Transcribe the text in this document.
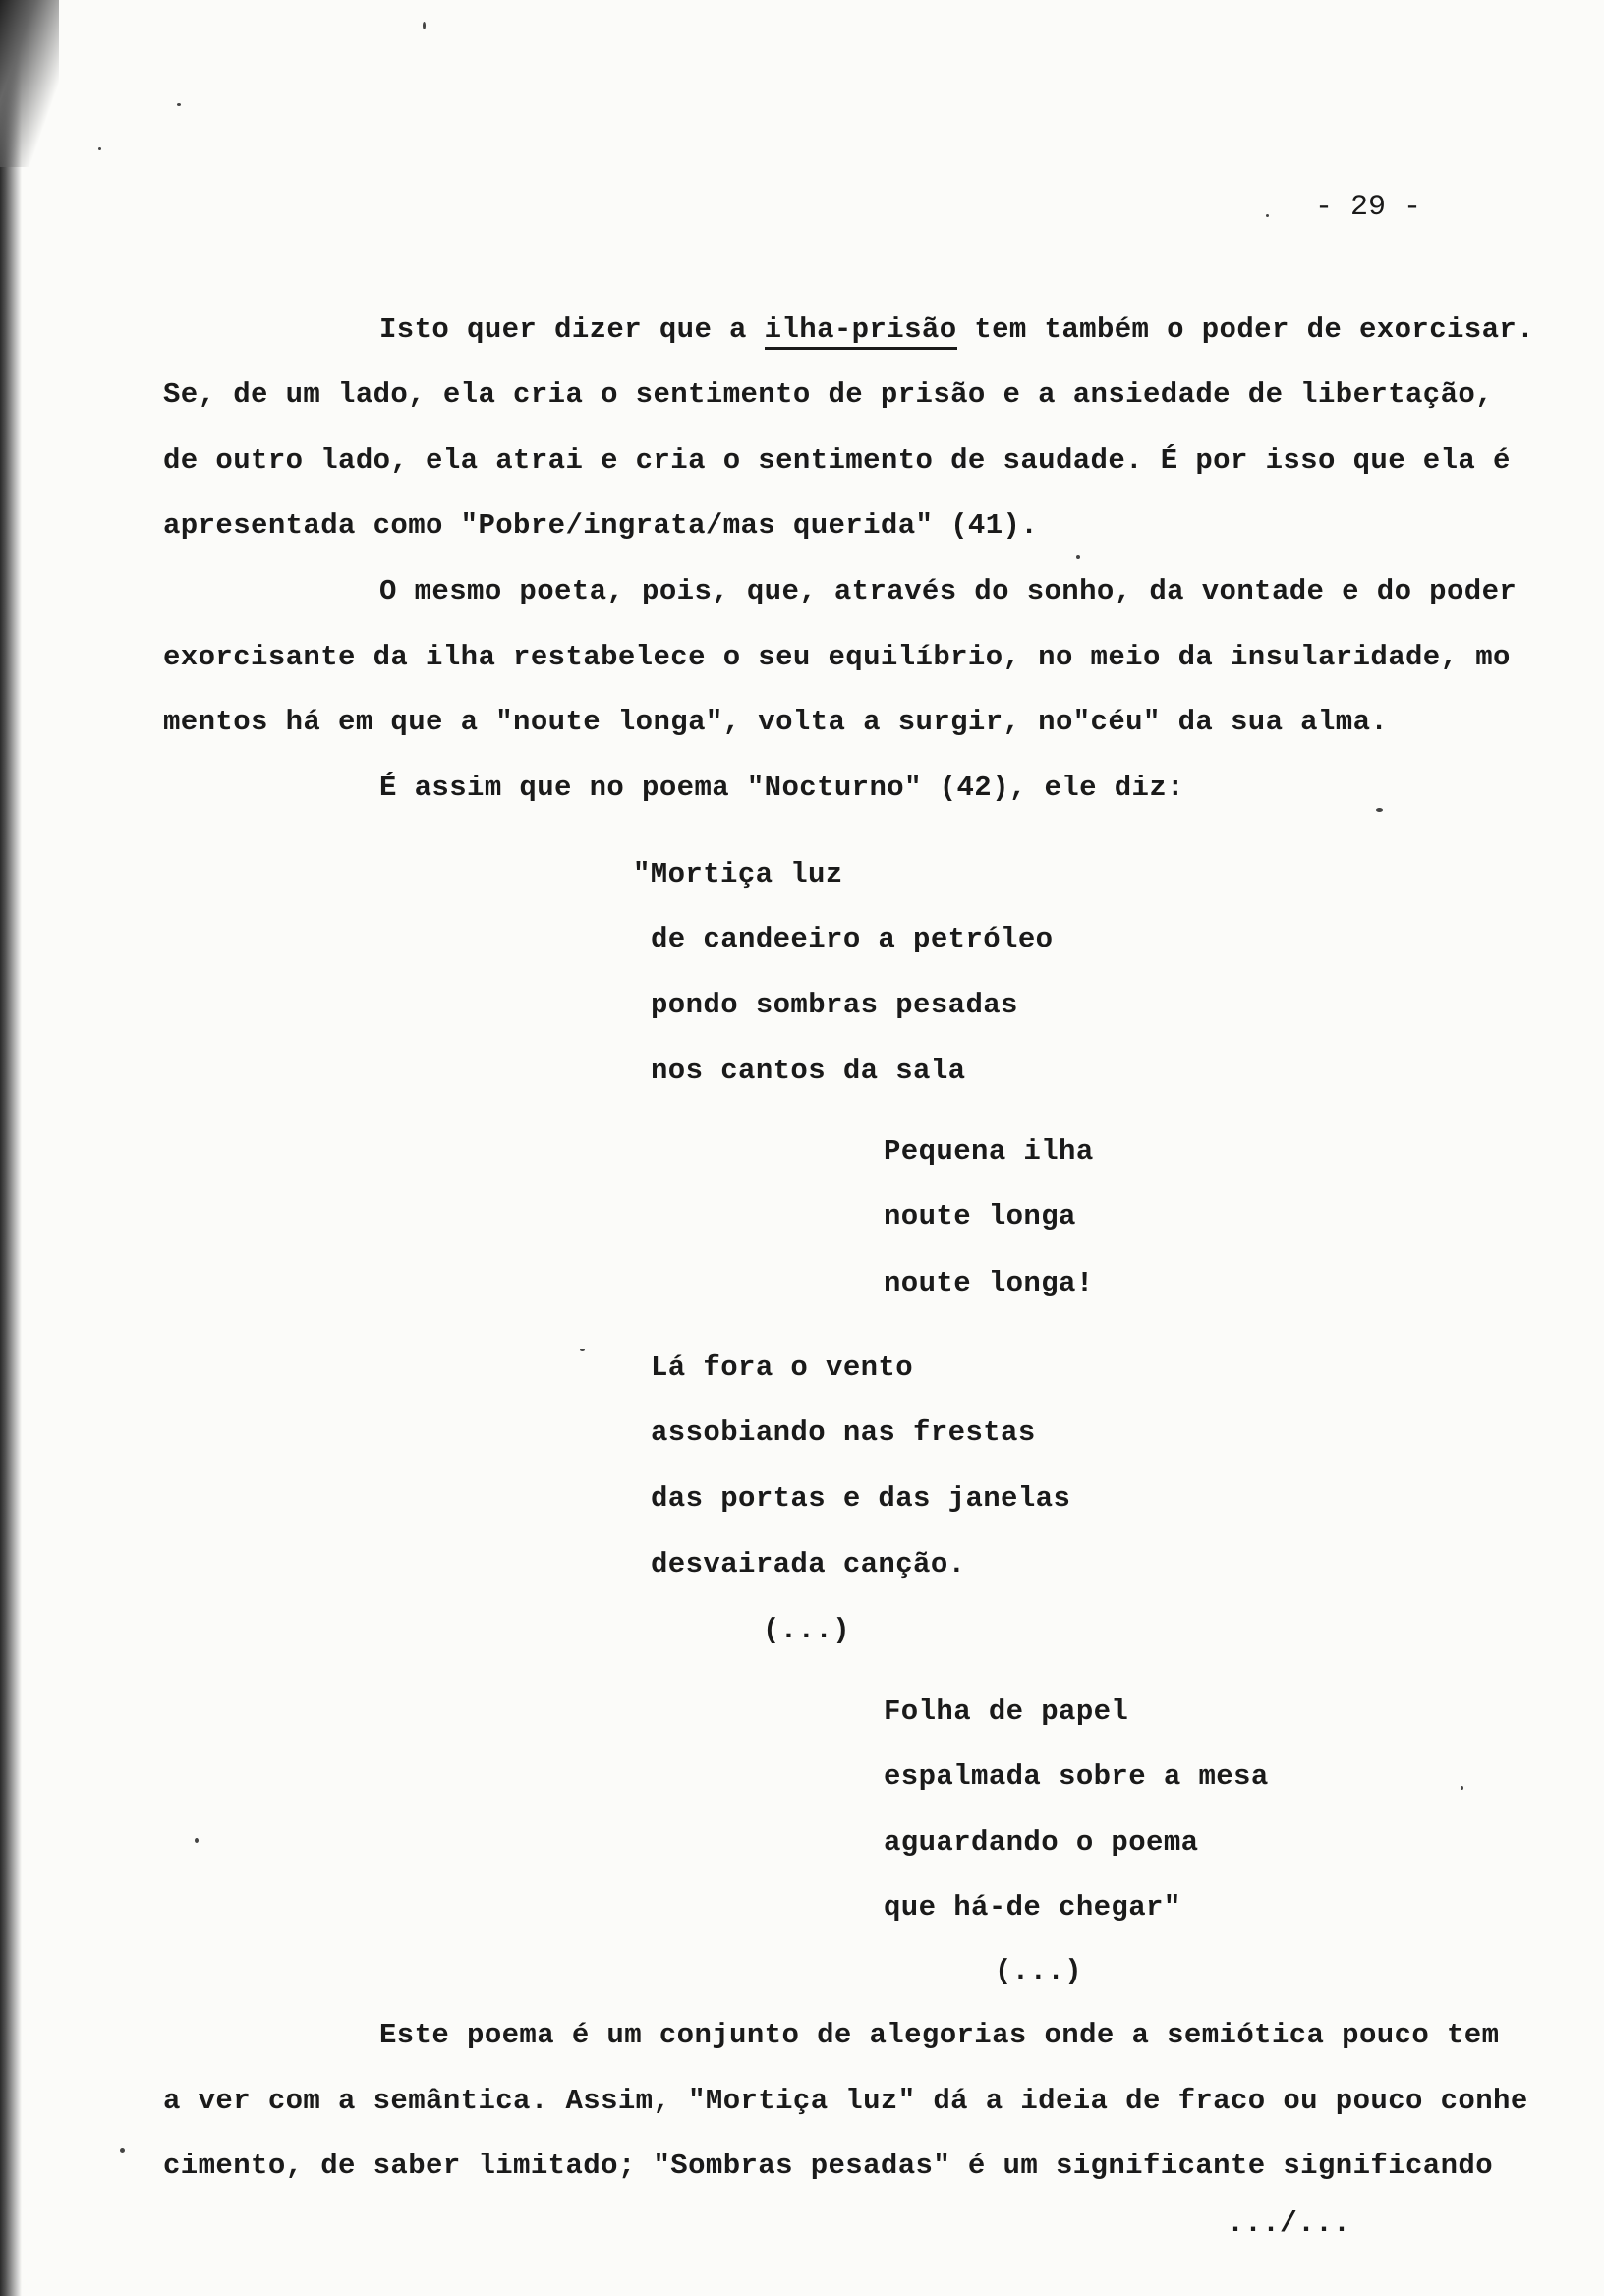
- 29 -
Isto quer dizer que a ilha-prisão tem também o poder de exorcisar.
Se, de um lado, ela cria o sentimento de prisão e a ansiedade de libertação,
de outro lado, ela atrai e cria o sentimento de saudade. É por isso que ela é
apresentada como "Pobre/ingrata/mas querida" (41).
O mesmo poeta, pois, que, através do sonho, da vontade e do poder
exorcisante da ilha restabelece o seu equilíbrio, no meio da insularidade, mo
mentos há em que a "noute longa", volta a surgir, no"céu" da sua alma.
É assim que no poema "Nocturno" (42), ele diz:
"Mortiça luz
de candeeiro a petróleo
pondo sombras pesadas
nos cantos da sala
Pequena ilha
noute longa
noute longa!
Lá fora o vento
assobiando nas frestas
das portas e das janelas
desvairada canção.
(...)
Folha de papel
espalmada sobre a mesa
aguardando o poema
que há-de chegar"
(...)
Este poema é um conjunto de alegorias onde a semiótica pouco tem
a ver com a semântica. Assim, "Mortiça luz" dá a ideia de fraco ou pouco conhe
cimento, de saber limitado; "Sombras pesadas" é um significante significando
.../...
